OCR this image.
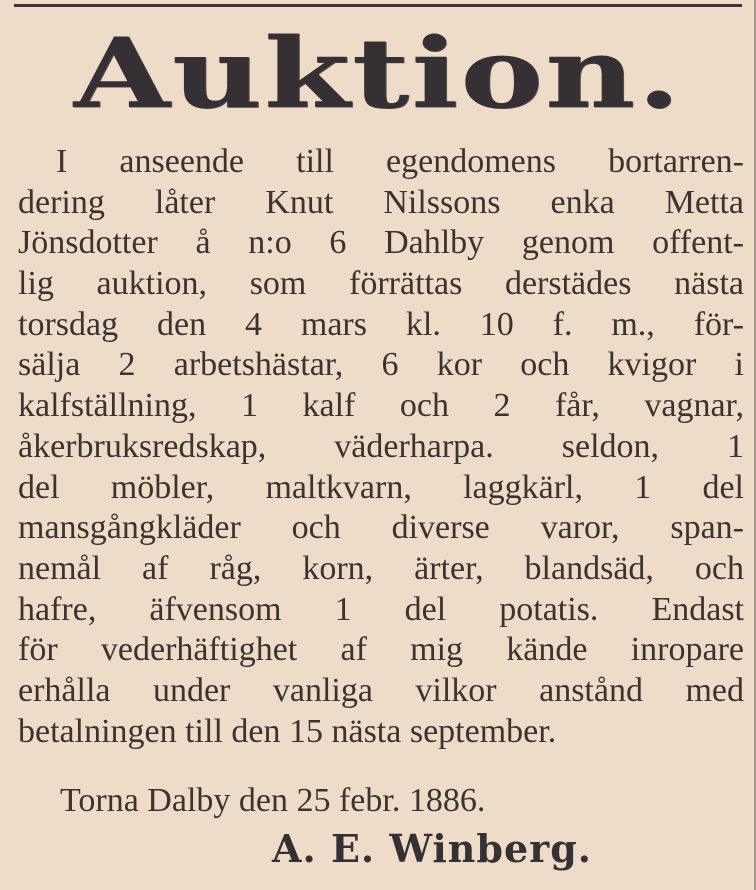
Auktion.
I anseende till egendomens bortarren-
dering låter Knut Nilssons enka Metta
Jönsdotter å n:o 6 Dahlby genom offent-
lig auktion, som förrättas derstädes nästa
torsdag den 4 mars kl. 10 f. m., för-
sälja 2 arbetshästar, 6 kor och kvigor i
kalfställning, 1 kalf och 2 får, vagnar,
åkerbruksredskap, väderharpa. seldon, 1
del möbler, maltkvarn, laggkärl, 1 del
mansgångkläder och diverse varor, span-
nemål af råg, korn, ärter, blandsäd, och
hafre, äfvensom 1 del potatis. Endast
för vederhäftighet af mig kände inropare
erhålla under vanliga vilkor anstånd med
betalningen till den 15 nästa september.
Torna Dalby den 25 febr. 1886.
A. E. Winberg.
